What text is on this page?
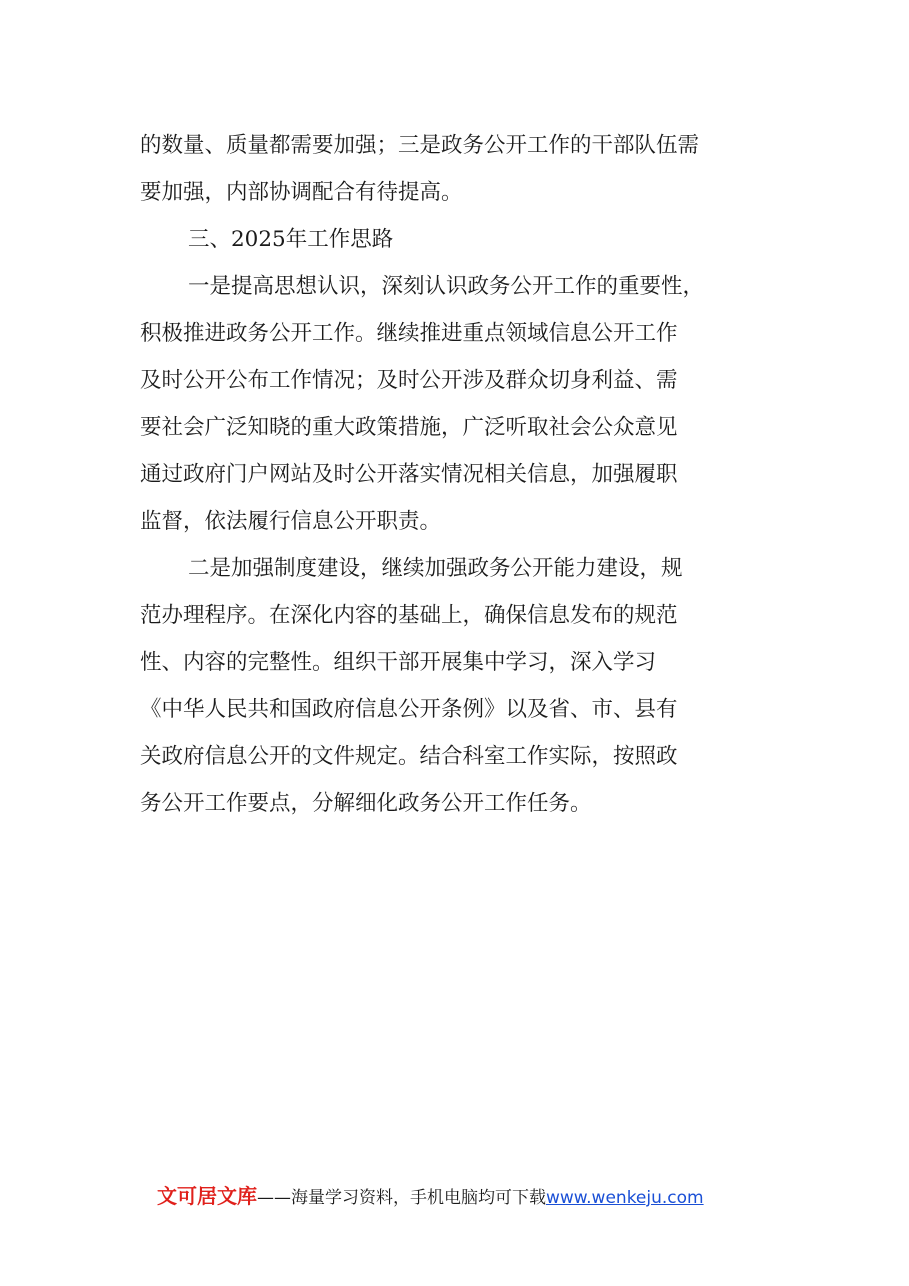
的数量、质量都需要加强；三是政务公开工作的干部队伍需
要加强，内部协调配合有待提高。
三、2025年工作思路
一是提高思想认识，深刻认识政务公开工作的重要性，
积极推进政务公开工作。继续推进重点领域信息公开工作
及时公开公布工作情况；及时公开涉及群众切身利益、需
要社会广泛知晓的重大政策措施，广泛听取社会公众意见
通过政府门户网站及时公开落实情况相关信息，加强履职
监督，依法履行信息公开职责。
二是加强制度建设，继续加强政务公开能力建设，规
范办理程序。在深化内容的基础上，确保信息发布的规范
性、内容的完整性。组织干部开展集中学习，深入学习
《中华人民共和国政府信息公开条例》以及省、市、县有
关政府信息公开的文件规定。结合科室工作实际，按照政
务公开工作要点，分解细化政务公开工作任务。
文可居文库——海量学习资料，手机电脑均可下载www.wenkeju.com
